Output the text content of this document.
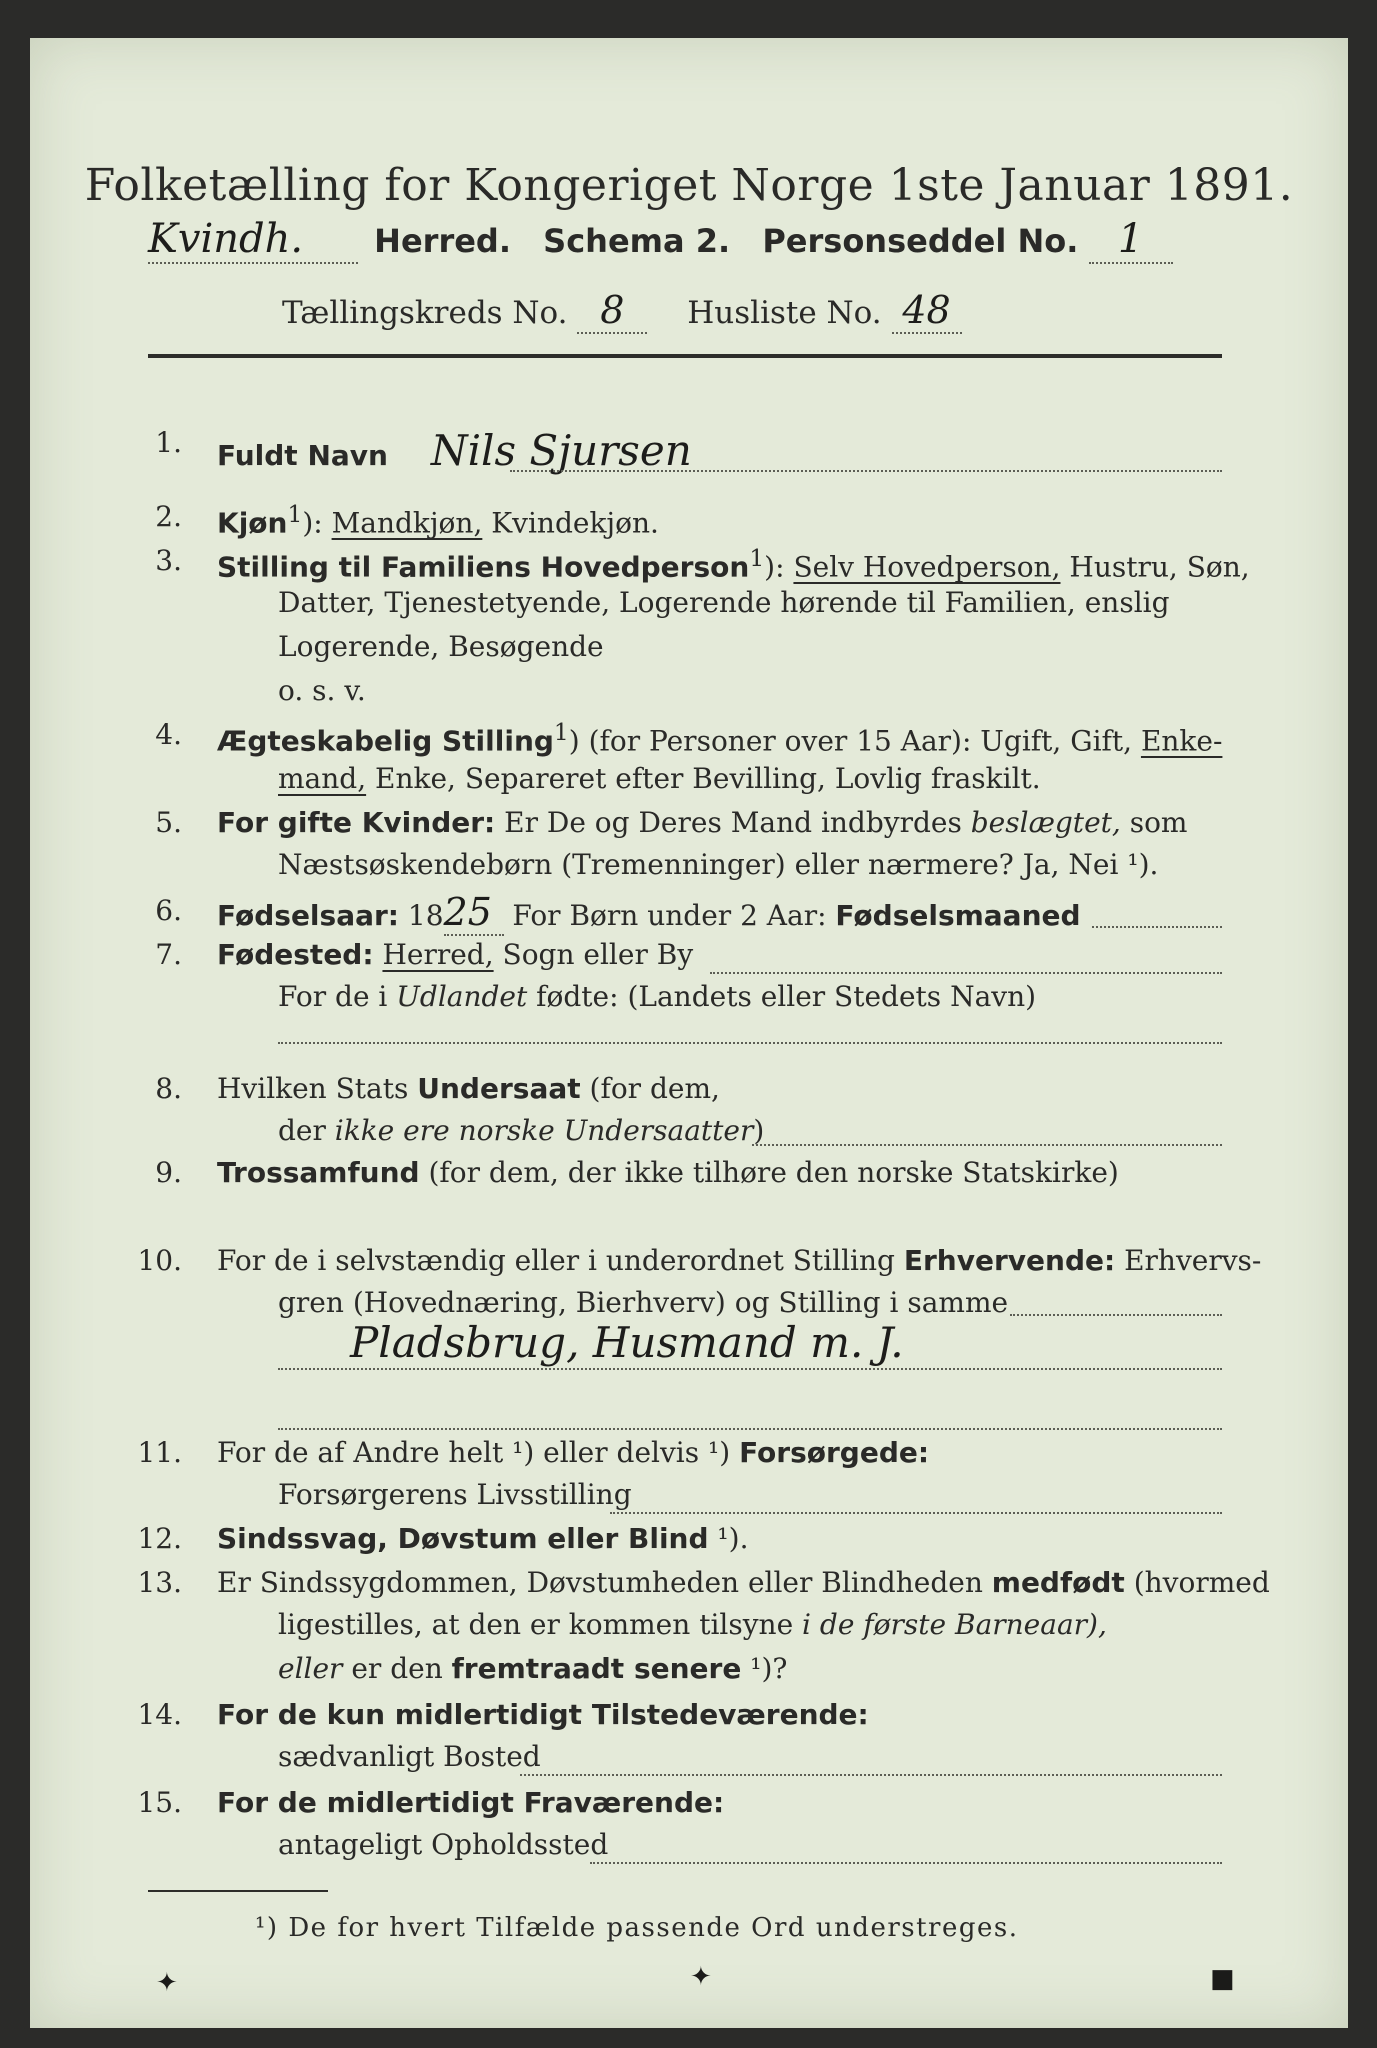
Folketælling for Kongeriget Norge 1ste Januar 1891.
Kvindh. Herred. Schema 2. Personseddel No. 1
Tællingskreds No. 8 Husliste No. 48
1. Fuldt Navn Nils Sjursen
2. Kjøn$^1$): Mandkjøn, Kvindekjøn.
3. Stilling til Familiens Hovedperson$^1$): Selv Hovedperson, Hustru, Søn,
Datter, Tjenestetyende, Logerende hørende til Familien, enslig
Logerende, Besøgende
o. s. v.
4. Ægteskabelig Stilling$^1$) (for Personer over 15 Aar): Ugift, Gift, Enke-
mand, Enke, Separeret efter Bevilling, Lovlig fraskilt.
5. For gifte Kvinder: Er De og Deres Mand indbyrdes beslægtet, som
Næstsøskendebørn (Tremenninger) eller nærmere? Ja, Nei ¹).
6. Fødselsaar: 1825 For Børn under 2 Aar: Fødselsmaaned
7. Fødested: Herred, Sogn eller By
For de i Udlandet fødte: (Landets eller Stedets Navn)
8. Hvilken Stats Undersaat (for dem,
der ikke ere norske Undersaatter)
9. Trossamfund (for dem, der ikke tilhøre den norske Statskirke)
10. For de i selvstændig eller i underordnet Stilling Erhvervende: Erhvervs-
gren (Hovednæring, Bierhverv) og Stilling i samme
Pladsbrug, Husmand m. J.
11. For de af Andre helt ¹) eller delvis ¹) Forsørgede:
Forsørgerens Livsstilling
12. Sindssvag, Døvstum eller Blind ¹).
13. Er Sindssygdommen, Døvstumheden eller Blindheden medfødt (hvormed
ligestilles, at den er kommen tilsyne i de første Barneaar),
eller er den fremtraadt senere ¹)?
14. For de kun midlertidigt Tilstedeværende:
sædvanligt Bosted
15. For de midlertidigt Fraværende:
antageligt Opholdssted
¹) De for hvert Tilfælde passende Ord understreges.
✦	✦	■
